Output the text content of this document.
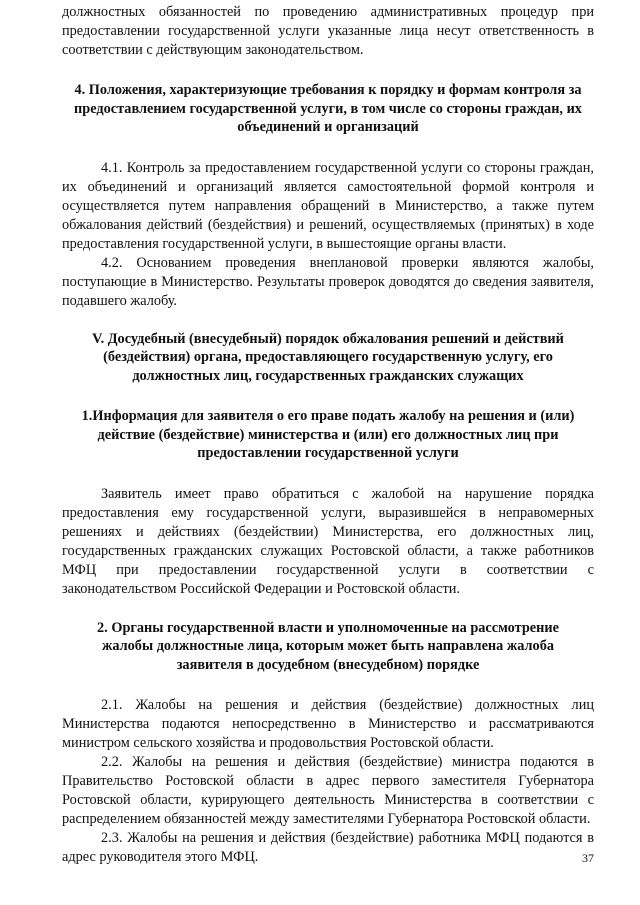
должностных обязанностей по проведению административных процедур при предоставлении государственной услуги указанные лица несут ответственность в соответствии с действующим законодательством.

4. Положения, характеризующие требования к порядку и формам контроля за предоставлением государственной услуги, в том числе со стороны граждан, их объединений и организаций

4.1. Контроль за предоставлением государственной услуги со стороны граждан, их объединений и организаций является самостоятельной формой контроля и осуществляется путем направления обращений в Министерство, а также путем обжалования действий (бездействия) и решений, осуществляемых (принятых) в ходе предоставления государственной услуги, в вышестоящие органы власти.

4.2. Основанием проведения внеплановой проверки являются жалобы, поступающие в Министерство. Результаты проверок доводятся до сведения заявителя, подавшего жалобу.

V. Досудебный (внесудебный) порядок обжалования решений и действий (бездействия) органа, предоставляющего государственную услугу, его должностных лиц, государственных гражданских служащих
1.Информация для заявителя о его праве подать жалобу на решения и (или) действие (бездействие) министерства и (или) его должностных лиц при предоставлении государственной услуги

Заявитель имеет право обратиться с жалобой на нарушение порядка предоставления ему государственной услуги, выразившейся в неправомерных решениях и действиях (бездействии) Министерства, его должностных лиц, государственных гражданских служащих Ростовской области, а также работников МФЦ при предоставлении государственной услуги в соответствии с законодательством Российской Федерации и Ростовской области.

2. Органы государственной власти и уполномоченные на рассмотрение жалобы должностные лица, которым может быть направлена жалоба заявителя в досудебном (внесудебном) порядке

2.1. Жалобы на решения и действия (бездействие) должностных лиц Министерства подаются непосредственно в Министерство и рассматриваются министром сельского хозяйства и продовольствия Ростовской области.

2.2. Жалобы на решения и действия (бездействие) министра подаются в Правительство Ростовской области в адрес первого заместителя Губернатора Ростовской области, курирующего деятельность Министерства в соответствии с распределением обязанностей между заместителями Губернатора Ростовской области.

2.3. Жалобы на решения и действия (бездействие) работника МФЦ подаются в адрес руководителя этого МФЦ.	37
